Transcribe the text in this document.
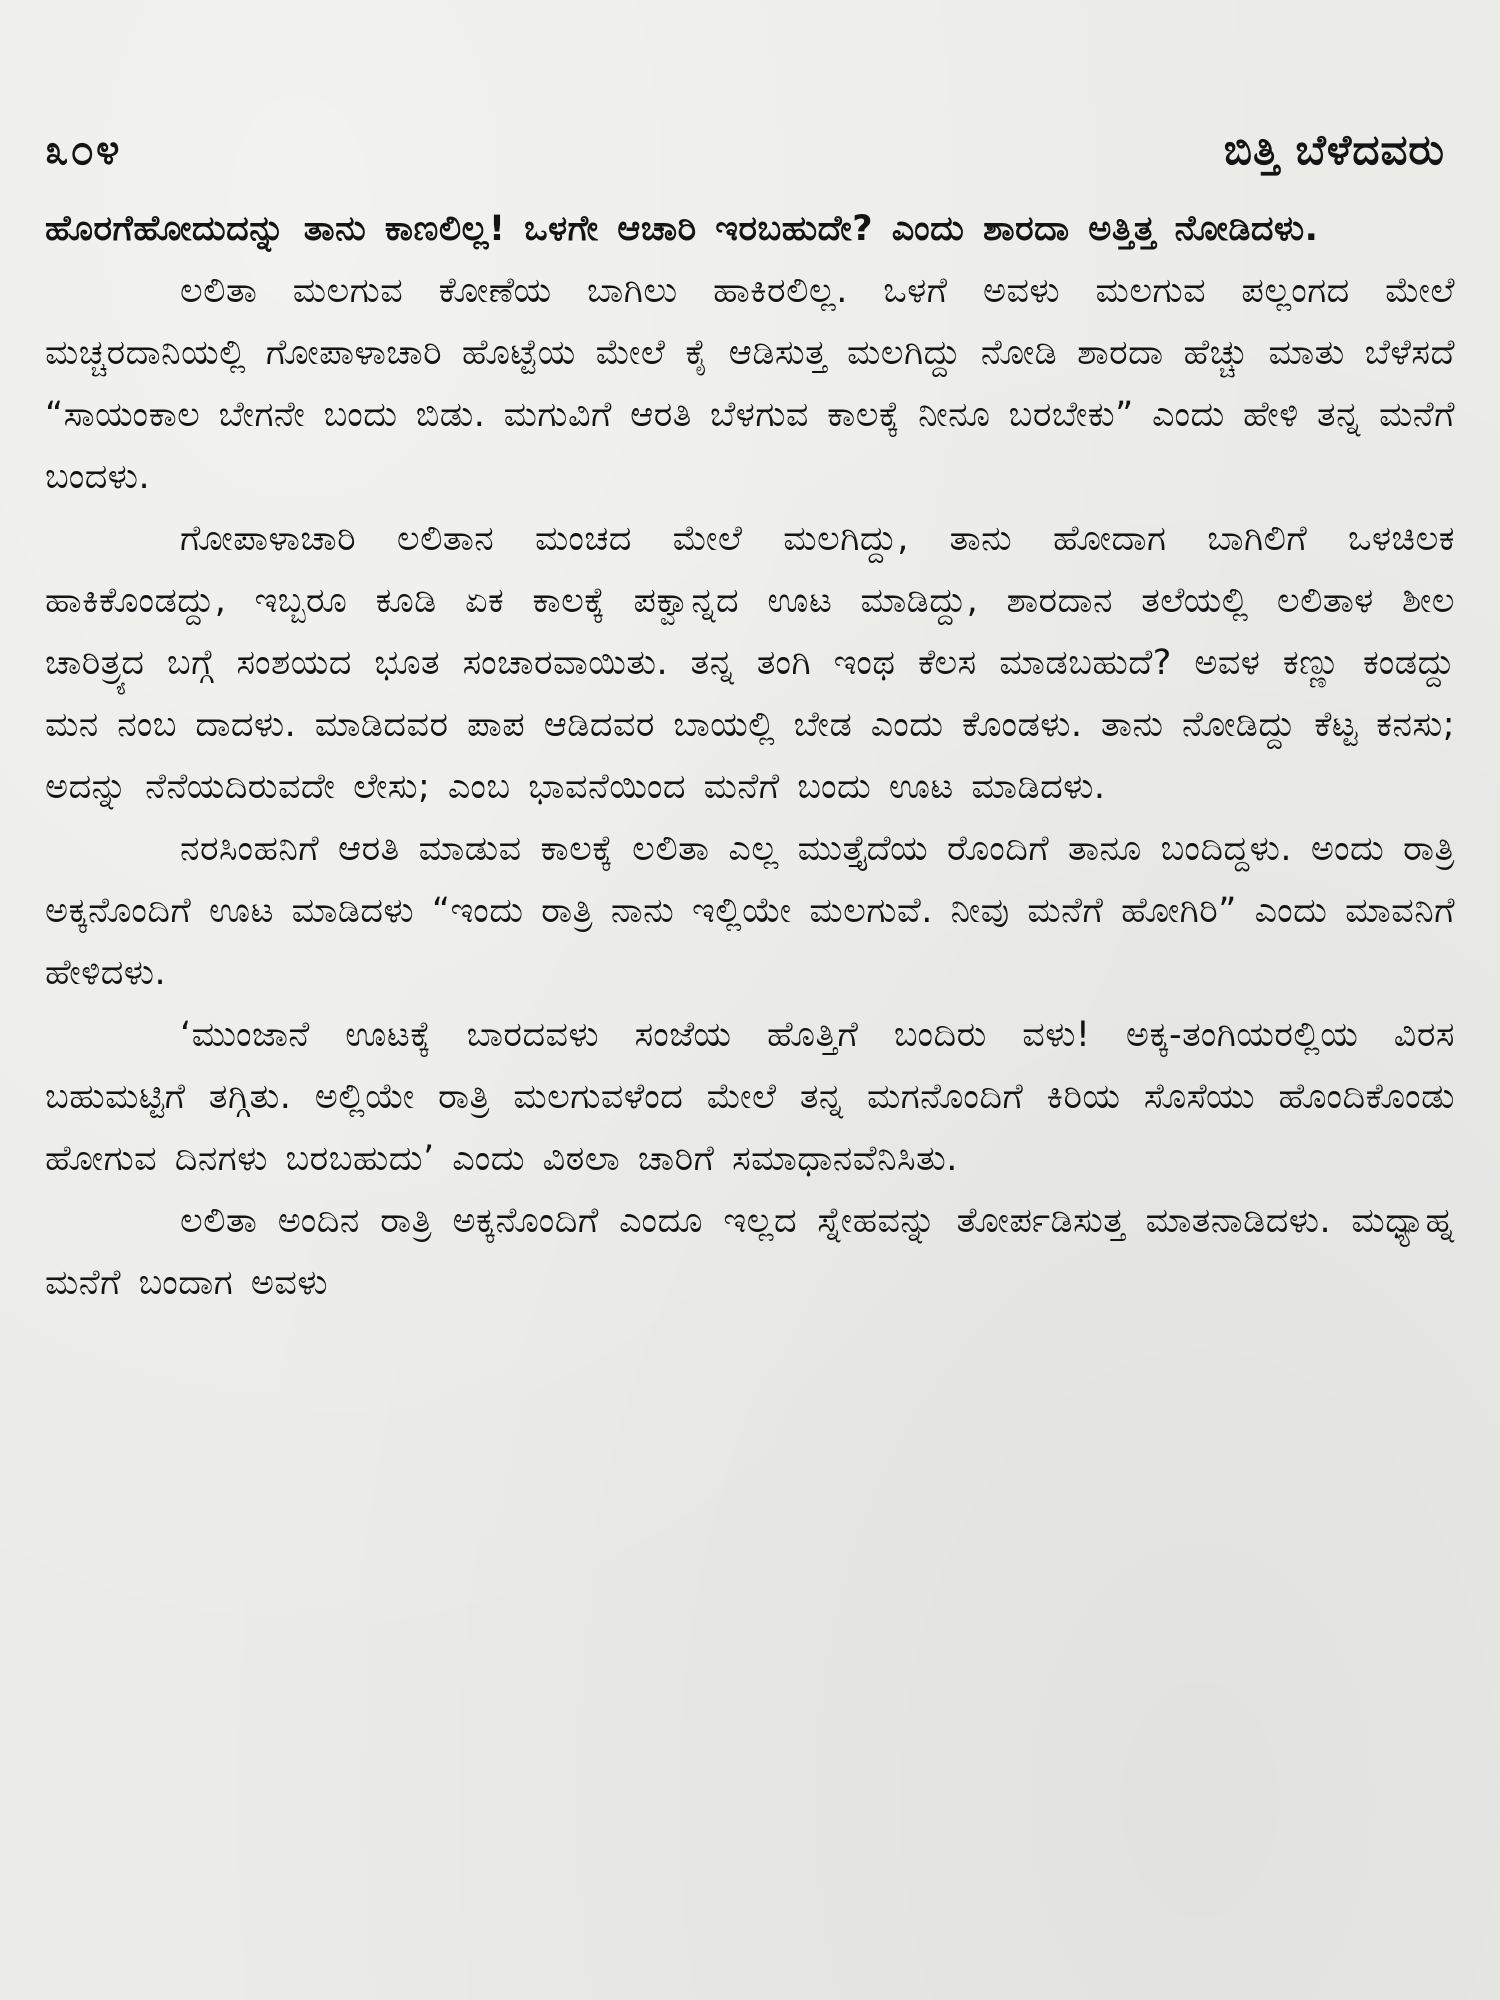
೩೦೪	ಬಿತ್ತಿ ಬೆಳೆದವರು

ಹೊರಗೆಹೋದುದನ್ನು ತಾನು ಕಾಣಲಿಲ್ಲ! ಒಳಗೇ ಆಚಾರಿ ಇರಬಹುದೇ? ಎಂದು ಶಾರದಾ ಅತ್ತಿತ್ತ ನೋಡಿದಳು.

ಲಲಿತಾ ಮಲಗುವ ಕೋಣೆಯ ಬಾಗಿಲು ಹಾಕಿರಲಿಲ್ಲ. ಒಳಗೆ ಅವಳು ಮಲಗುವ ಪಲ್ಲಂಗದ ಮೇಲೆ ಮಚ್ಚರದಾನಿಯಲ್ಲಿ ಗೋಪಾಳಾಚಾರಿ ಹೊಟ್ಟೆಯ ಮೇಲೆ ಕೈ ಆಡಿಸುತ್ತ ಮಲಗಿದ್ದು ನೋಡಿ ಶಾರದಾ ಹೆಚ್ಚು ಮಾತು ಬೆಳೆಸದೆ “ಸಾಯಂಕಾಲ ಬೇಗನೇ ಬಂದು ಬಿಡು. ಮಗುವಿಗೆ ಆರತಿ ಬೆಳಗುವ ಕಾಲಕ್ಕೆ ನೀನೂ ಬರಬೇಕು” ಎಂದು ಹೇಳಿ ತನ್ನ ಮನೆಗೆ ಬಂದಳು.

ಗೋಪಾಳಾಚಾರಿ ಲಲಿತಾನ ಮಂಚದ ಮೇಲೆ ಮಲಗಿದ್ದು, ತಾನು ಹೋದಾಗ ಬಾಗಿಲಿಗೆ ಒಳಚಿಲಕ ಹಾಕಿಕೊಂಡದ್ದು, ಇಬ್ಬರೂ ಕೂಡಿ ಏಕ ಕಾಲಕ್ಕೆ ಪಕ್ವಾನ್ನದ ಊಟ ಮಾಡಿದ್ದು, ಶಾರದಾನ ತಲೆಯಲ್ಲಿ ಲಲಿತಾಳ ಶೀಲ ಚಾರಿತ್ರ್ಯದ ಬಗ್ಗೆ ಸಂಶಯದ ಭೂತ ಸಂಚಾರವಾಯಿತು. ತನ್ನ ತಂಗಿ ಇಂಥ ಕೆಲಸ ಮಾಡಬಹುದೆ? ಅವಳ ಕಣ್ಣು ಕಂಡದ್ದು ಮನ ನಂಬ ದಾದಳು. ಮಾಡಿದವರ ಪಾಪ ಆಡಿದವರ ಬಾಯಲ್ಲಿ ಬೇಡ ಎಂದು ಕೊಂಡಳು. ತಾನು ನೋಡಿದ್ದು ಕೆಟ್ಟ ಕನಸು; ಅದನ್ನು ನೆನೆಯದಿರುವದೇ ಲೇಸು; ಎಂಬ ಭಾವನೆಯಿಂದ ಮನೆಗೆ ಬಂದು ಊಟ ಮಾಡಿದಳು.

ನರಸಿಂಹನಿಗೆ ಆರತಿ ಮಾಡುವ ಕಾಲಕ್ಕೆ ಲಲಿತಾ ಎಲ್ಲ ಮುತ್ತೈದೆಯ ರೊಂದಿಗೆ ತಾನೂ ಬಂದಿದ್ದಳು. ಅಂದು ರಾತ್ರಿ ಅಕ್ಕನೊಂದಿಗೆ ಊಟ ಮಾಡಿದಳು “ಇಂದು ರಾತ್ರಿ ನಾನು ಇಲ್ಲಿಯೇ ಮಲಗುವೆ. ನೀವು ಮನೆಗೆ ಹೋಗಿರಿ” ಎಂದು ಮಾವನಿಗೆ ಹೇಳಿದಳು.

‘ಮುಂಜಾನೆ ಊಟಕ್ಕೆ ಬಾರದವಳು ಸಂಜೆಯ ಹೊತ್ತಿಗೆ ಬಂದಿರು ವಳು! ಅಕ್ಕ-ತಂಗಿಯರಲ್ಲಿಯ ವಿರಸ ಬಹುಮಟ್ಟಿಗೆ ತಗ್ಗಿತು. ಅಲ್ಲಿಯೇ ರಾತ್ರಿ ಮಲಗುವಳೆಂದ ಮೇಲೆ ತನ್ನ ಮಗನೊಂದಿಗೆ ಕಿರಿಯ ಸೊಸೆಯು ಹೊಂದಿಕೊಂಡು ಹೋಗುವ ದಿನಗಳು ಬರಬಹುದು’ ಎಂದು ವಿಠಲಾ ಚಾರಿಗೆ ಸಮಾಧಾನವೆನಿಸಿತು.

ಲಲಿತಾ ಅಂದಿನ ರಾತ್ರಿ ಅಕ್ಕನೊಂದಿಗೆ ಎಂದೂ ಇಲ್ಲದ ಸ್ನೇಹವನ್ನು ತೋರ್ಪಡಿಸುತ್ತ ಮಾತನಾಡಿದಳು. ಮಧ್ಯಾಹ್ನ ಮನೆಗೆ ಬಂದಾಗ ಅವಳು
